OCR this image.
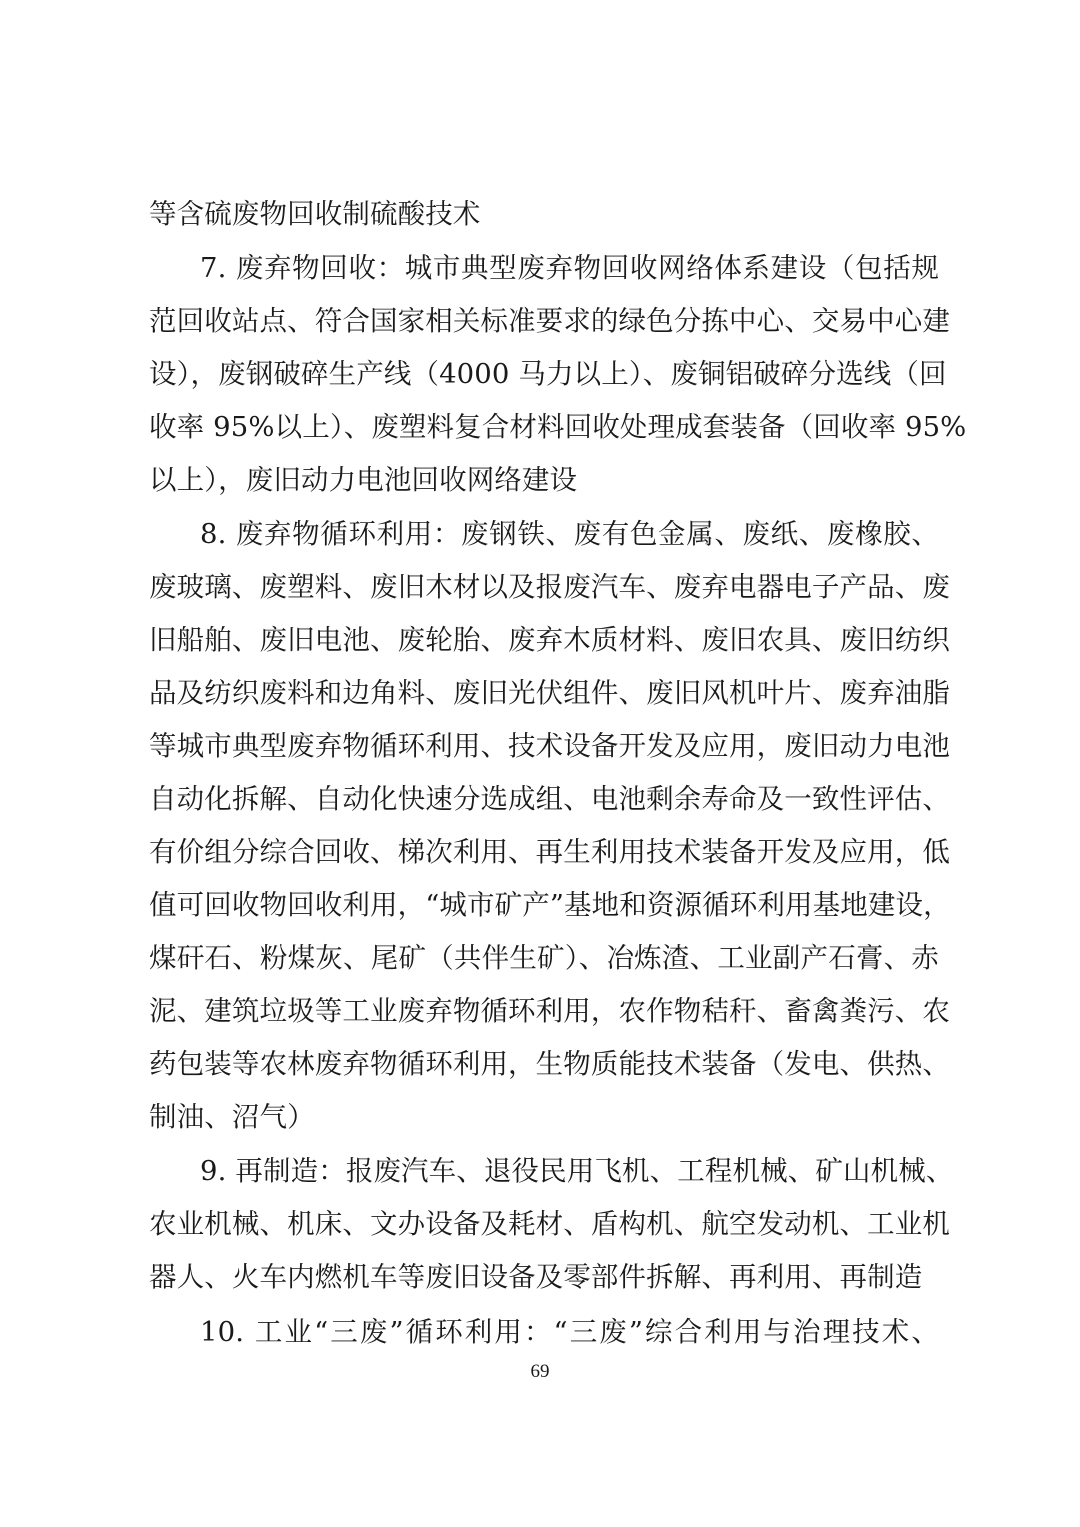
等含硫废物回收制硫酸技术
7. 废弃物回收：城市典型废弃物回收网络体系建设（包括规
范回收站点、符合国家相关标准要求的绿色分拣中心、交易中心建
设），废钢破碎生产线（4000 马力以上）、废铜铝破碎分选线（回
收率 95%以上）、废塑料复合材料回收处理成套装备（回收率 95%
以上），废旧动力电池回收网络建设
8. 废弃物循环利用：废钢铁、废有色金属、废纸、废橡胶、
废玻璃、废塑料、废旧木材以及报废汽车、废弃电器电子产品、废
旧船舶、废旧电池、废轮胎、废弃木质材料、废旧农具、废旧纺织
品及纺织废料和边角料、废旧光伏组件、废旧风机叶片、废弃油脂
等城市典型废弃物循环利用、技术设备开发及应用，废旧动力电池
自动化拆解、自动化快速分选成组、电池剩余寿命及一致性评估、
有价组分综合回收、梯次利用、再生利用技术装备开发及应用，低
值可回收物回收利用，“城市矿产”基地和资源循环利用基地建设，
煤矸石、粉煤灰、尾矿（共伴生矿）、冶炼渣、工业副产石膏、赤
泥、建筑垃圾等工业废弃物循环利用，农作物秸秆、畜禽粪污、农
药包装等农林废弃物循环利用，生物质能技术装备（发电、供热、
制油、沼气）
9. 再制造：报废汽车、退役民用飞机、工程机械、矿山机械、
农业机械、机床、文办设备及耗材、盾构机、航空发动机、工业机
器人、火车内燃机车等废旧设备及零部件拆解、再利用、再制造
10. 工业“三废”循环利用：“三废”综合利用与治理技术、
69
